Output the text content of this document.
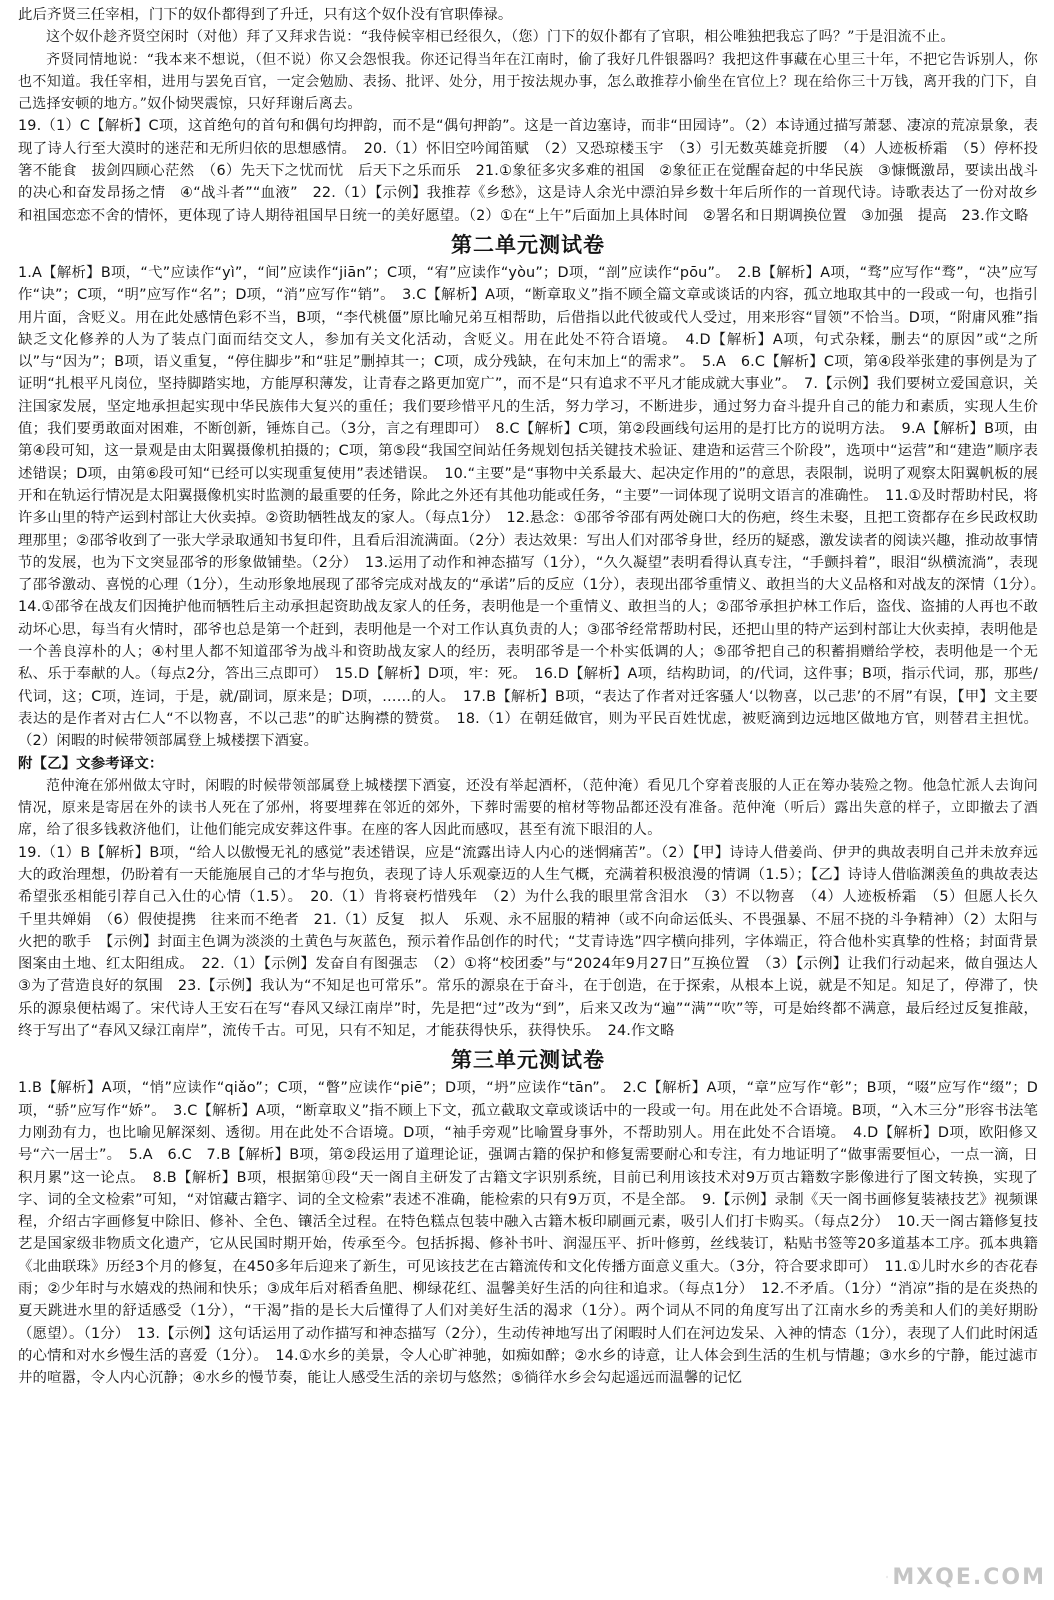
此后齐贤三任宰相，门下的奴仆都得到了升迁，只有这个奴仆没有官职俸禄。

这个奴仆趁齐贤空闲时（对他）拜了又拜求告说：“我侍候宰相已经很久，（您）门下的奴仆都有了官职，相公唯独把我忘了吗？”于是泪流不止。

齐贤同情地说：“我本来不想说，（但不说）你又会怨恨我。你还记得当年在江南时，偷了我好几件银器吗？我把这件事藏在心里三十年，不把它告诉别人，你也不知道。我任宰相，进用与罢免百官，一定会勉励、表扬、批评、处分，用于按法规办事，怎么敢推荐小偷坐在官位上？现在给你三十万钱，离开我的门下，自己选择安顿的地方。”奴仆恸哭震惊，只好拜谢后离去。

19.（1）C【解析】C项，这首绝句的首句和偶句均押韵，而不是“偶句押韵”。这是一首边塞诗，而非“田园诗”。（2）本诗通过描写萧瑟、凄凉的荒凉景象，表现了诗人行至大漠时的迷茫和无所归依的思想感情。　20.（1）怀旧空吟闻笛赋　（2）又恐琼楼玉宇　（3）引无数英雄竞折腰　（4）人迹板桥霜　（5）停杯投箸不能食　拔剑四顾心茫然　（6）先天下之忧而忧　后天下之乐而乐　21.①象征多灾多难的祖国　②象征正在觉醒奋起的中华民族　③慷慨激昂，要读出战斗的决心和奋发昂扬之情　④“战斗者”“血液”　22.（1）【示例】我推荐《乡愁》，这是诗人余光中漂泊异乡数十年后所作的一首现代诗。诗歌表达了一份对故乡和祖国恋恋不舍的情怀，更体现了诗人期待祖国早日统一的美好愿望。（2）①在“上午”后面加上具体时间　②署名和日期调换位置　③加强　提高　23.作文略

第二单元测试卷

1.A【解析】B项，“弋”应读作“yì”，“间”应读作“jiān”；C项，“宥”应读作“yòu”；D项，“剖”应读作“pōu”。　2.B【解析】A项，“骛”应写作“骛”，“决”应写作“诀”；C项，“明”应写作“名”；D项，“消”应写作“销”。　3.C【解析】A项，“断章取义”指不顾全篇文章或谈话的内容，孤立地取其中的一段或一句，也指引用片面，含贬义。用在此处感情色彩不当，B项，“李代桃僵”原比喻兄弟互相帮助，后借指以此代彼或代人受过，用来形容“冒领”不恰当。D项，“附庸风雅”指缺乏文化修养的人为了装点门面而结交文人，参加有关文化活动，含贬义。用在此处不符合语境。　4.D【解析】A项，句式杂糅，删去“的原因”或“之所以”与“因为”；B项，语义重复，“停住脚步”和“驻足”删掉其一；C项，成分残缺，在句末加上“的需求”。　5.A　6.C【解析】C项，第④段举张建的事例是为了证明“扎根平凡岗位，坚持脚踏实地，方能厚积薄发，让青春之路更加宽广”，而不是“只有追求不平凡才能成就大事业”。　7.【示例】我们要树立爱国意识，关注国家发展，坚定地承担起实现中华民族伟大复兴的重任；我们要珍惜平凡的生活，努力学习，不断进步，通过努力奋斗提升自己的能力和素质，实现人生价值；我们要勇敢面对困难，不断创新，锤炼自己。（3分，言之有理即可）　8.C【解析】C项，第②段画线句运用的是打比方的说明方法。　9.A【解析】B项，由第④段可知，这一景观是由太阳翼摄像机拍摄的；C项，第⑤段“我国空间站任务规划包括关键技术验证、建造和运营三个阶段”，选项中“运营”和“建造”顺序表述错误；D项，由第⑥段可知“已经可以实现重复使用”表述错误。　10.“主要”是“事物中关系最大、起决定作用的”的意思，表限制，说明了观察太阳翼帆板的展开和在轨运行情况是太阳翼摄像机实时监测的最重要的任务，除此之外还有其他功能或任务，“主要”一词体现了说明文语言的准确性。　11.①及时帮助村民，将许多山里的特产运到村部让大伙卖掉。②资助牺牲战友的家人。（每点1分）　12.悬念：①邵爷爷邵有两处碗口大的伤疤，终生未娶，且把工资都存在乡民政权助理那里；②邵爷收到了一张大学录取通知书复印件，且看后泪流满面。（2分）表达效果：写出人们对邵爷身世，经历的疑惑，激发读者的阅读兴趣，推动故事情节的发展，也为下文突显邵爷的形象做铺垫。（2分）　13.运用了动作和神态描写（1分），“久久凝望”表明看得认真专注，“手颤抖着”，眼泪“纵横流淌”，表现了邵爷激动、喜悦的心理（1分），生动形象地展现了邵爷完成对战友的“承诺”后的反应（1分），表现出邵爷重情义、敢担当的大义品格和对战友的深情（1分）。　14.①邵爷在战友们因掩护他而牺牲后主动承担起资助战友家人的任务，表明他是一个重情义、敢担当的人；②邵爷承担护林工作后，盗伐、盗捕的人再也不敢动坏心思，每当有火情时，邵爷也总是第一个赶到，表明他是一个对工作认真负责的人；③邵爷经常帮助村民，还把山里的特产运到村部让大伙卖掉，表明他是一个善良淳朴的人；④村里人都不知道邵爷为战斗和资助战友家人的经历，表明邵爷是一个朴实低调的人；⑤邵爷把自己的积蓄捐赠给学校，表明他是一个无私、乐于奉献的人。（每点2分，答出三点即可）　15.D【解析】D项，牢：死。　16.D【解析】A项，结构助词，的/代词，这件事；B项，指示代词，那，那些/代词，这；C项，连词，于是，就/副词，原来是；D项，……的人。　17.B【解析】B项，“表达了作者对迁客骚人‘以物喜，以己悲’的不屑”有误，【甲】文主要表达的是作者对古仁人“不以物喜，不以己悲”的旷达胸襟的赞赏。　18.（1）在朝廷做官，则为平民百姓忧虑，被贬滴到边远地区做地方官，则替君主担忧。（2）闲暇的时候带领部属登上城楼摆下酒宴。

附【乙】文参考译文：

范仲淹在邠州做太守时，闲暇的时候带领部属登上城楼摆下酒宴，还没有举起酒杯，（范仲淹）看见几个穿着丧服的人正在筹办装殓之物。他急忙派人去询问情况，原来是寄居在外的读书人死在了邠州，将要埋葬在邻近的郊外，下葬时需要的棺材等物品都还没有准备。范仲淹（听后）露出失意的样子，立即撤去了酒席，给了很多钱救济他们，让他们能完成安葬这件事。在座的客人因此而感叹，甚至有流下眼泪的人。

19.（1）B【解析】B项，“给人以傲慢无礼的感觉”表述错误，应是“流露出诗人内心的迷惘痛苦”。（2）【甲】诗诗人借姜尚、伊尹的典故表明自己并未放弃远大的政治理想，仍盼着有一天能施展自己的才华与抱负，表现了诗人乐观豪迈的人生气概，充满着积极浪漫的情调（1.5）；【乙】诗诗人借临渊羡鱼的典故表达希望张丞相能引荐自己入仕的心情（1.5）。　20.（1）肯将衰朽惜残年　（2）为什么我的眼里常含泪水　（3）不以物喜　（4）人迹板桥霜　（5）但愿人长久　千里共婵娟　（6）假使提携　往来而不绝者　21.（1）反复　拟人　乐观、永不屈服的精神（或不向命运低头、不畏强暴、不屈不挠的斗争精神）（2）太阳与火把的歌手　【示例】封面主色调为淡淡的土黄色与灰蓝色，预示着作品创作的时代；“艾青诗选”四字横向排列，字体端正，符合他朴实真挚的性格；封面背景图案由土地、红太阳组成。　22.（1）【示例】发奋自有图强志　（2）①将“校团委”与“2024年9月27日”互换位置　（3）【示例】让我们行动起来，做自强达人　③为了营造良好的氛围　23.【示例】我认为“不知足也可常乐”。常乐的源泉在于奋斗，在于创造，在于探索，从根本上说，就是不知足。知足了，停滞了，快乐的源泉便枯竭了。宋代诗人王安石在写“春风又绿江南岸”时，先是把“过”改为“到”，后来又改为“遍”“满”“吹”等，可是始终都不满意，最后经过反复推敲，终于写出了“春风又绿江南岸”，流传千古。可见，只有不知足，才能获得快乐，获得快乐。　24.作文略

第三单元测试卷

1.B【解析】A项，“悄”应读作“qiǎo”；C项，“瞥”应读作“piē”；D项，“坍”应读作“tān”。　2.C【解析】A项，“章”应写作“彰”；B项，“啜”应写作“缀”；D项，“骄”应写作“娇”。　3.C【解析】A项，“断章取义”指不顾上下文，孤立截取文章或谈话中的一段或一句。用在此处不合语境。B项，“入木三分”形容书法笔力刚劲有力，也比喻见解深刻、透彻。用在此处不合语境。D项，“袖手旁观”比喻置身事外，不帮助别人。用在此处不合语境。　4.D【解析】D项，欧阳修又号“六一居士”。　5.A　6.C　7.B【解析】B项，第②段运用了道理论证，强调古籍的保护和修复需要耐心和专注，有力地证明了“做事需要恒心，一点一滴，日积月累”这一论点。　8.B【解析】B项，根据第⑪段“天一阁自主研发了古籍文字识别系统，目前已利用该技术对9万页古籍数字影像进行了图文转换，实现了字、词的全文检索”可知，“对馆藏古籍字、词的全文检索”表述不准确，能检索的只有9万页，不是全部。　9.【示例】录制《天一阁书画修复装裱技艺》视频课程，介绍古字画修复中除旧、修补、全色、镶活全过程。在特色糕点包装中融入古籍木板印刷画元素，吸引人们打卡购买。（每点2分）　10.天一阁古籍修复技艺是国家级非物质文化遗产，它从民国时期开始，传承至今。包括拆揭、修补书叶、润湿压平、折叶修剪，丝线装订，粘贴书签等20多道基本工序。孤本典籍《北曲联珠》历经3个月的修复，在450多年后迎来了新生，可见该技艺在古籍流传和文化传播方面意义重大。（3分，符合要求即可）　11.①儿时水乡的杏花春雨；②少年时与水嬉戏的热闹和快乐；③成年后对稻香鱼肥、柳绿花红、温馨美好生活的向往和追求。（每点1分）　12.不矛盾。（1分）“消凉”指的是在炎热的夏天跳进水里的舒适感受（1分），“干渴”指的是长大后懂得了人们对美好生活的渴求（1分）。两个词从不同的角度写出了江南水乡的秀美和人们的美好期盼（愿望）。（1分）　13.【示例】这句话运用了动作描写和神态描写（2分），生动传神地写出了闲暇时人们在河边发呆、入神的情态（1分），表现了人们此时闲适的心情和对水乡慢生活的喜爱（1分）。　14.①水乡的美景，令人心旷神驰，如痴如醉；②水乡的诗意，让人体会到生活的生机与情趣；③水乡的宁静，能过滤市井的喧嚣，令人内心沉静；④水乡的慢节奏，能让人感受生活的亲切与悠然；⑤徜徉水乡会勾起遥远而温馨的记忆

MXQE.COM
